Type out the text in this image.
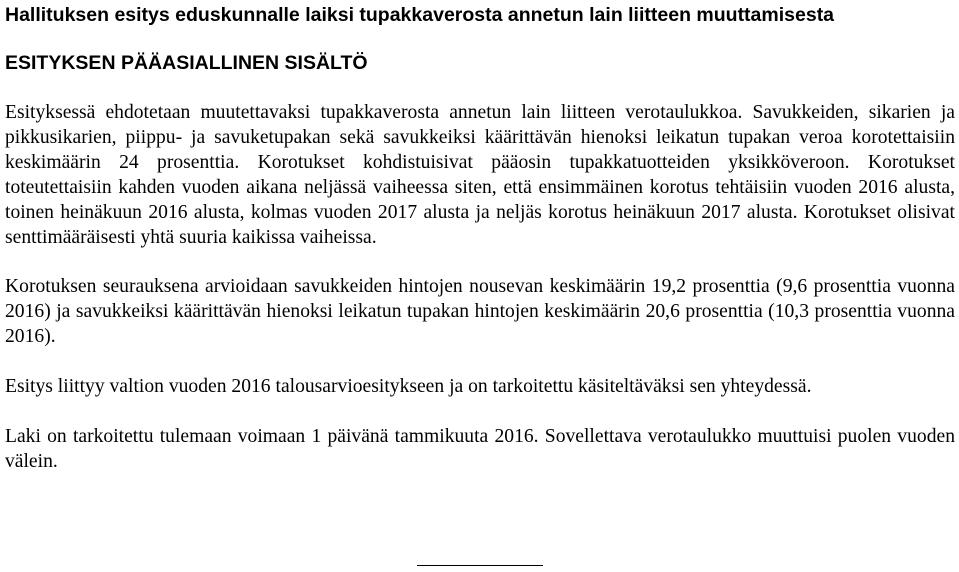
Hallituksen esitys eduskunnalle laiksi tupakkaverosta annetun lain liitteen muuttamisesta
ESITYKSEN PÄÄASIALLINEN SISÄLTÖ

Esityksessä ehdotetaan muutettavaksi tupakkaverosta annetun lain liitteen verotaulukkoa. Savukkeiden, sikarien ja pikkusikarien, piippu- ja savuketupakan sekä savukkeiksi käärittävän hienoksi leikatun tupakan veroa korotettaisiin keskimäärin 24 prosenttia. Korotukset kohdistuisivat pääosin tupakkatuotteiden yksikköveroon. Korotukset toteutettaisiin kahden vuoden aikana neljässä vaiheessa siten, että ensimmäinen korotus tehtäisiin vuoden 2016 alusta, toinen heinäkuun 2016 alusta, kolmas vuoden 2017 alusta ja neljäs korotus heinäkuun 2017 alusta. Korotukset olisivat senttimääräisesti yhtä suuria kaikissa vaiheissa.

Korotuksen seurauksena arvioidaan savukkeiden hintojen nousevan keskimäärin 19,2 prosenttia (9,6 prosenttia vuonna 2016) ja savukkeiksi käärittävän hienoksi leikatun tupakan hintojen keskimäärin 20,6 prosenttia (10,3 prosenttia vuonna 2016).

Esitys liittyy valtion vuoden 2016 talousarvioesitykseen ja on tarkoitettu käsiteltäväksi sen yhteydessä.

Laki on tarkoitettu tulemaan voimaan 1 päivänä tammikuuta 2016. Sovellettava verotaulukko muuttuisi puolen vuoden välein.
